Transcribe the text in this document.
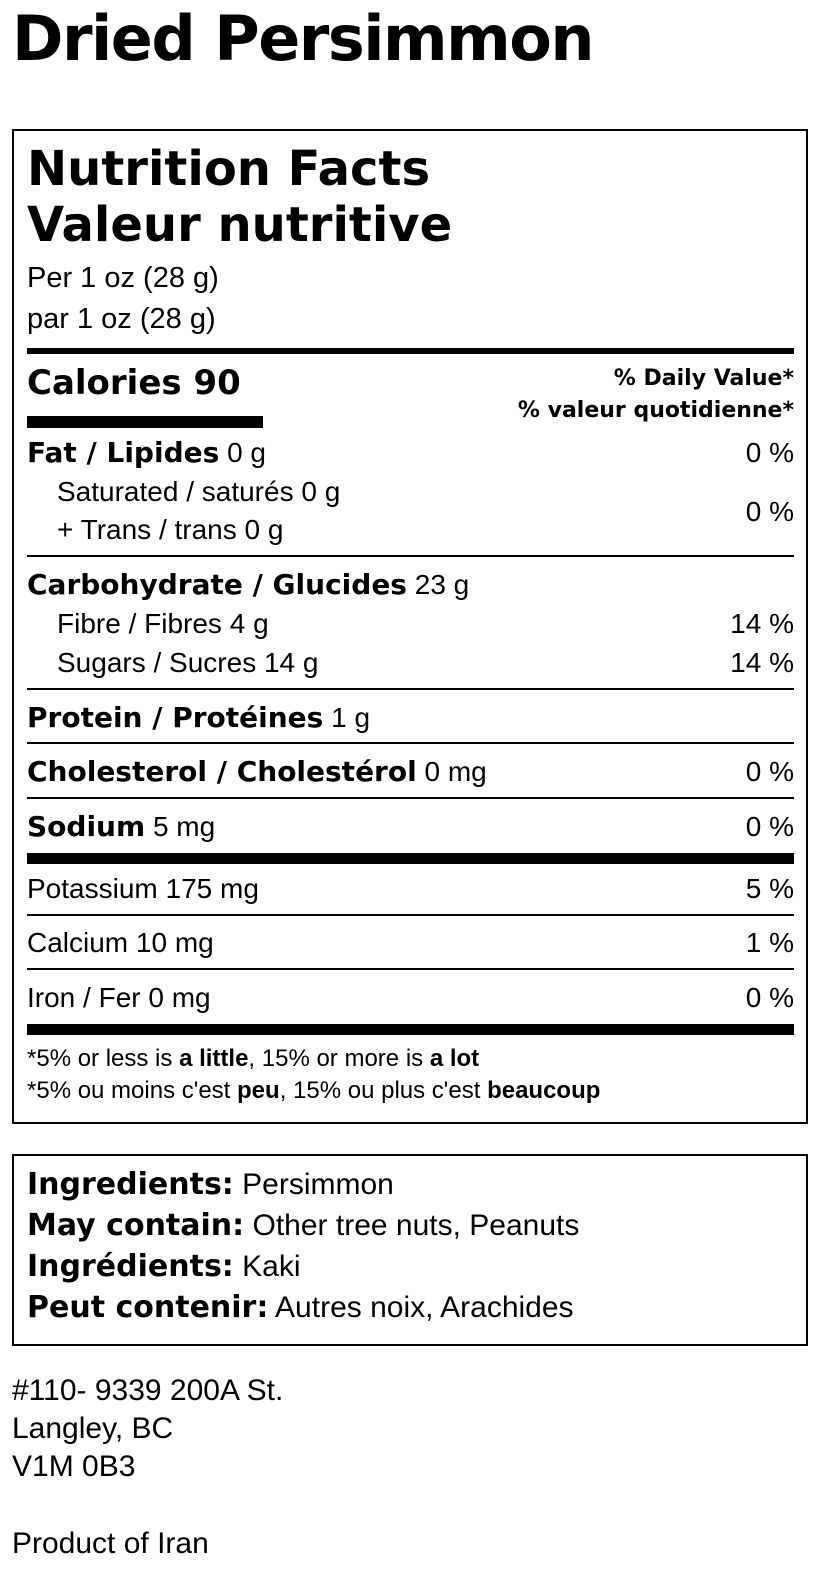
Dried Persimmon
Nutrition Facts
Valeur nutritive
Per 1 oz (28 g)
par 1 oz (28 g)
Calories 90	% Daily Value*
% valeur quotidienne*
Fat / Lipides 0 g	0 %
Saturated / saturés 0 g
+ Trans / trans 0 g
0 %
Carbohydrate / Glucides 23 g
Fibre / Fibres 4 g	14 %
Sugars / Sucres 14 g	14 %
Protein / Protéines 1 g
Cholesterol / Cholestérol 0 mg	0 %
Sodium 5 mg	0 %
Potassium 175 mg	5 %
Calcium 10 mg	1 %
Iron / Fer 0 mg	0 %
*5% or less is a little, 15% or more is a lot
*5% ou moins c'est peu, 15% ou plus c'est beaucoup
Ingredients: Persimmon
May contain: Other tree nuts, Peanuts
Ingrédients: Kaki
Peut contenir: Autres noix, Arachides
#110- 9339 200A St.
Langley, BC
V1M 0B3
Product of Iran
